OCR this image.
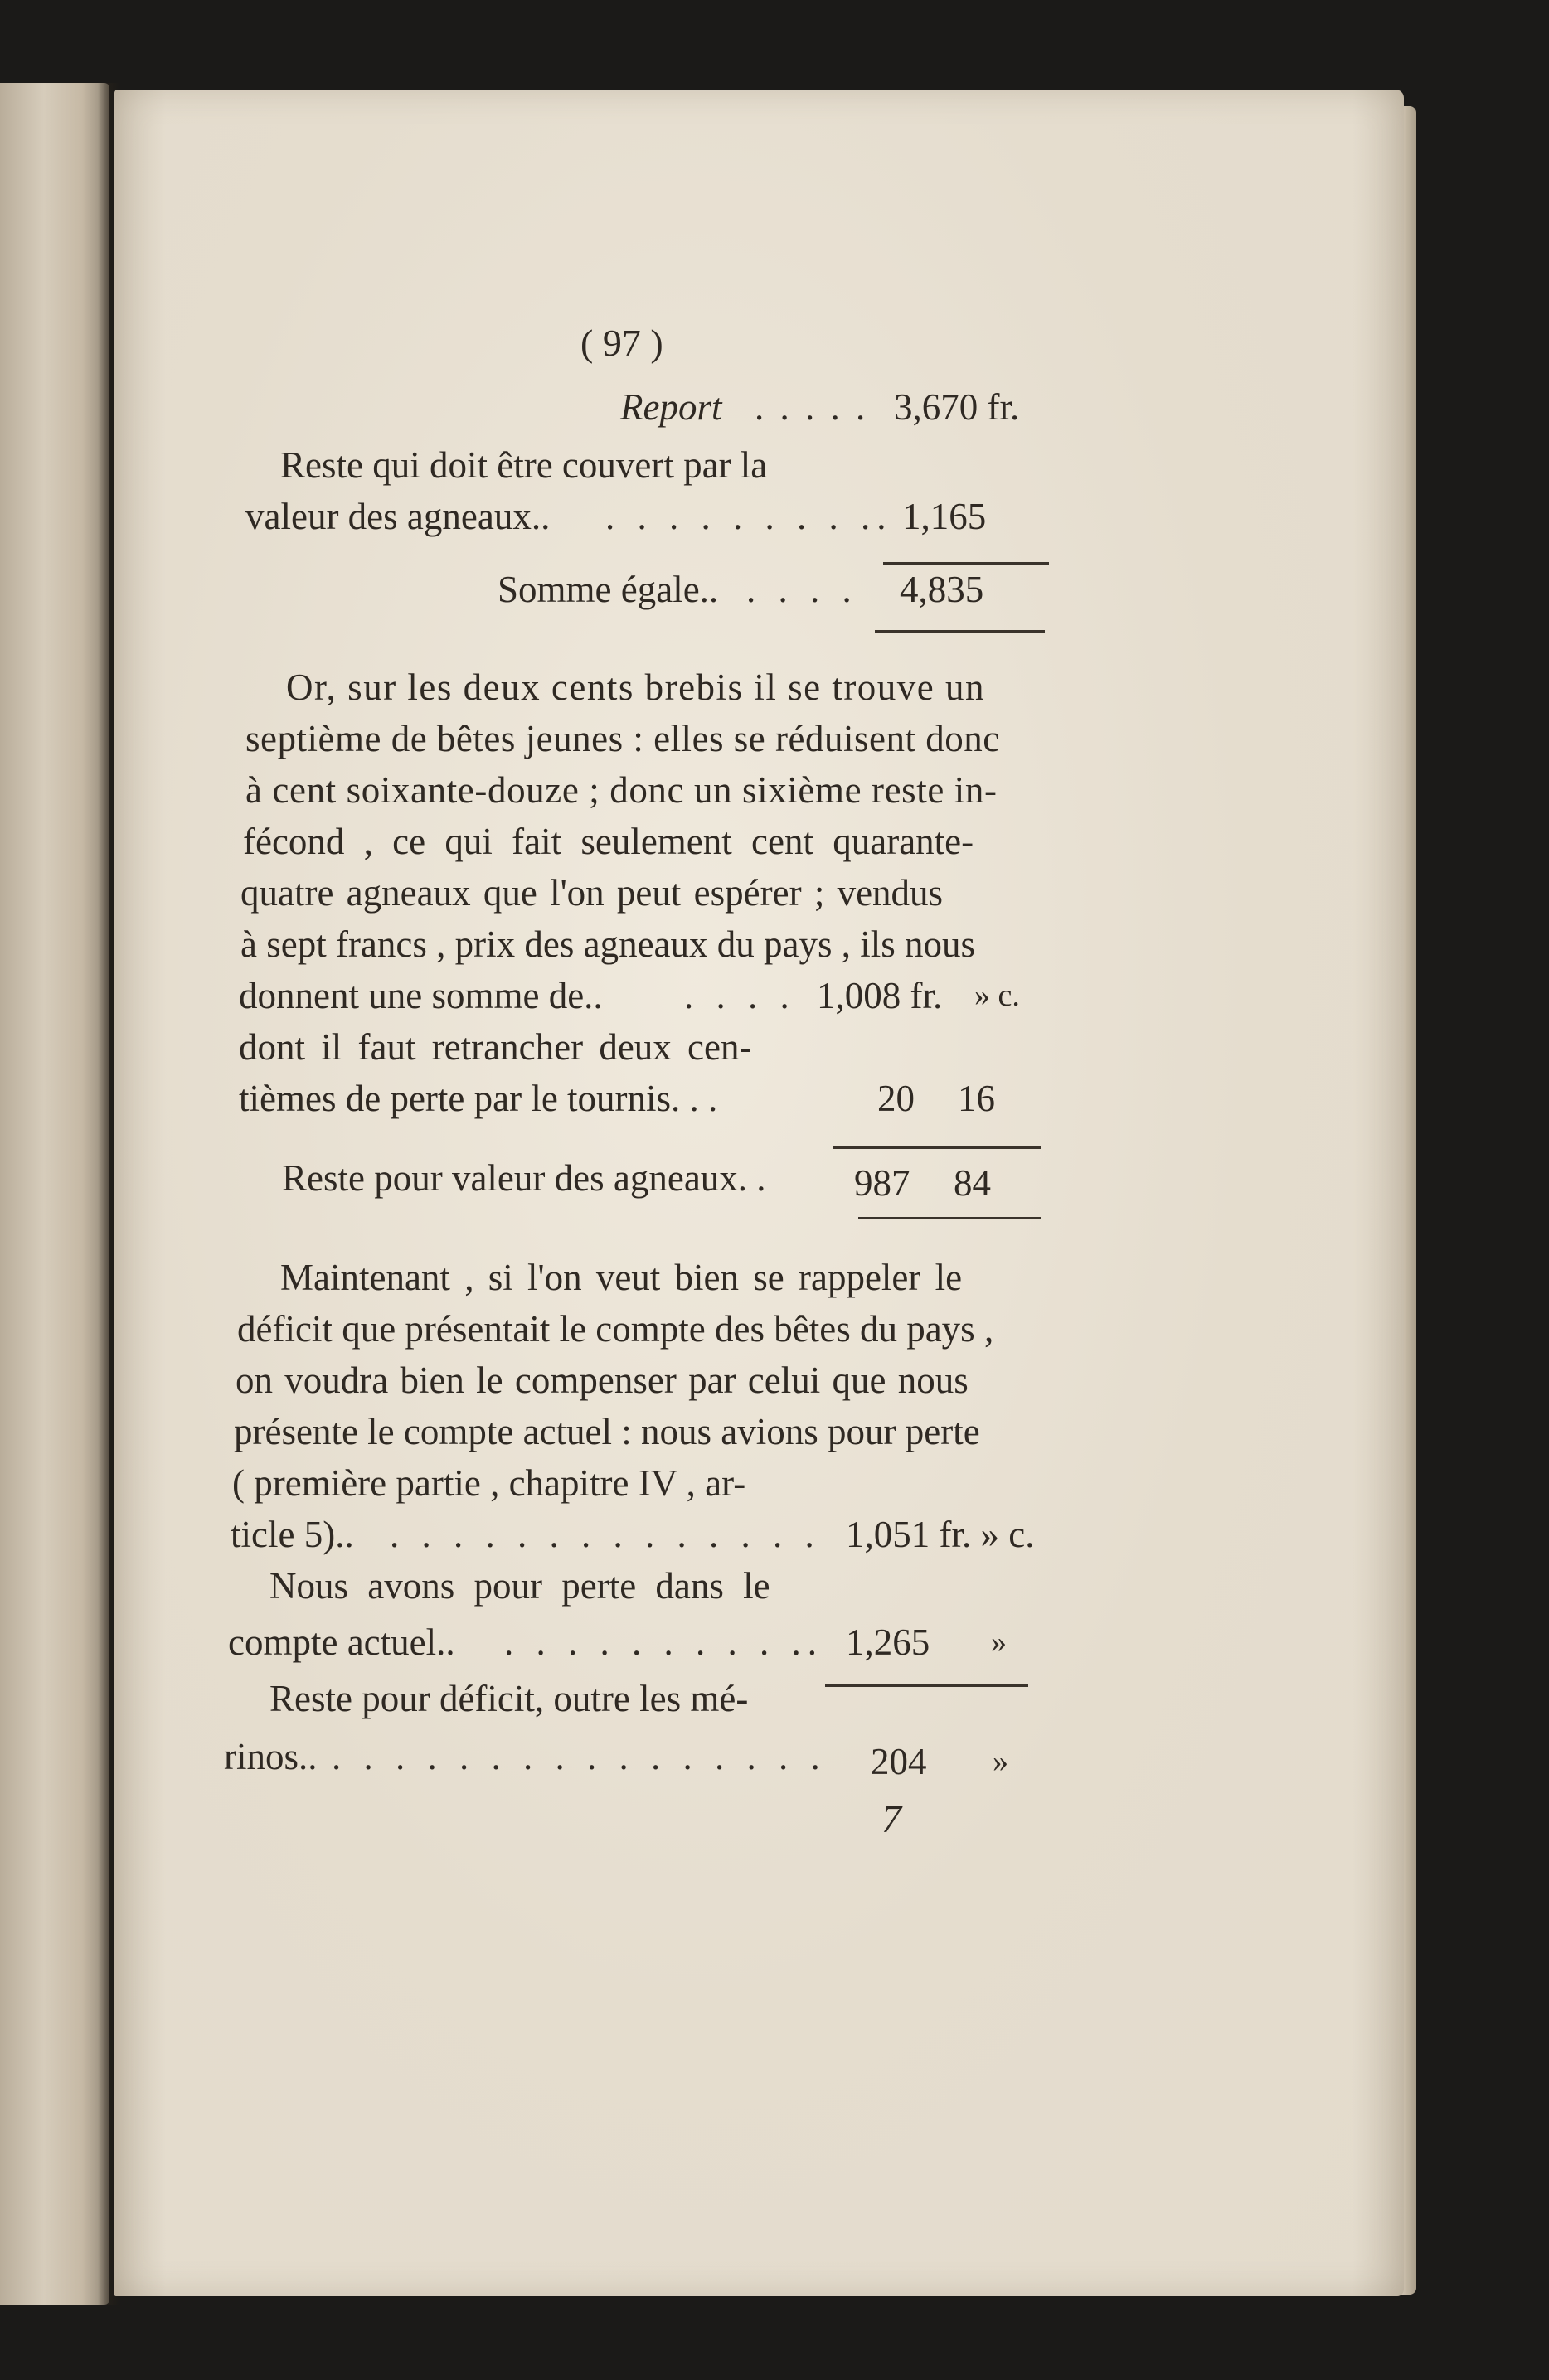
( 97 )
Report . . . . . 3,670 fr.
Reste qui doit être couvert par la
valeur des agneaux.. . . . . . . . . .. 1,165
Somme égale.. . . . . 4,835
Or, sur les deux cents brebis il se trouve un
septième de bêtes jeunes : elles se réduisent donc
à cent soixante-douze ; donc un sixième reste in-
fécond , ce qui fait seulement cent quarante-
quatre agneaux que l'on peut espérer ; vendus
à sept francs , prix des agneaux du pays , ils nous
donnent une somme de.. . . . . 1,008 fr. » c.
dont il faut retrancher deux cen-
tièmes de perte par le tournis. . .	20 16
Reste pour valeur des agneaux. . 987 84
Maintenant , si l'on veut bien se rappeler le
déficit que présentait le compte des bêtes du pays ,
on voudra bien le compenser par celui que nous
présente le compte actuel : nous avions pour perte
( première partie , chapitre IV , ar-
ticle 5).. . . . . . . . . . . . . . . 1,051 fr. » c.
Nous avons pour perte dans le
compte actuel.. . . . . . . . . . .. 1,265 »
Reste pour déficit, outre les mé-
rinos.. . . . . . . . . . . . . . . . . 204 »
7
